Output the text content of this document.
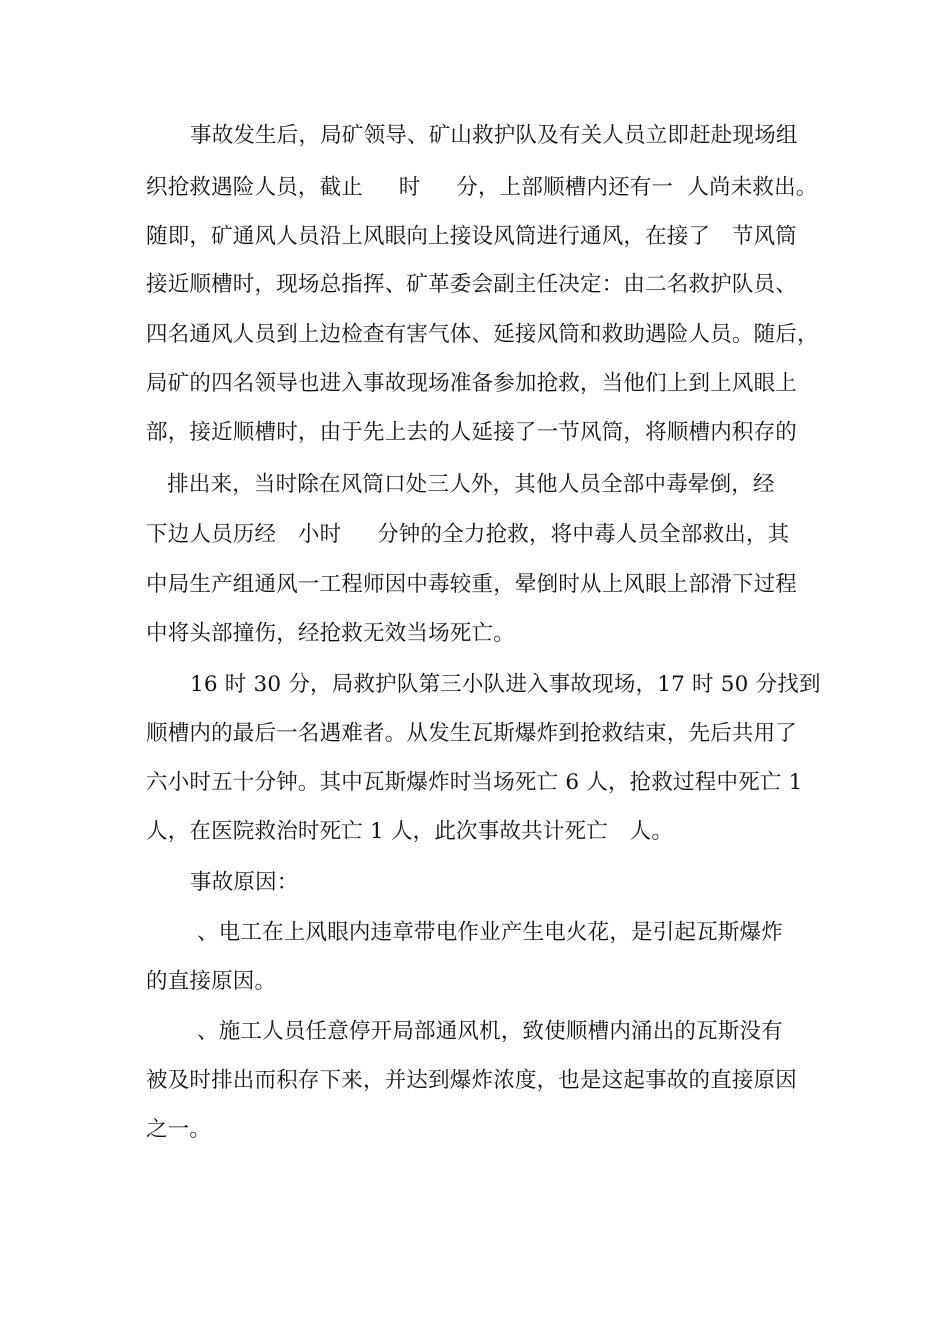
事故发生后，局矿领导、矿山救护队及有关人员立即赶赴现场组
织抢救遇险人员，截止　  时　  分，上部顺槽内还有一  人尚未救出。
随即，矿通风人员沿上风眼向上接设风筒进行通风，在接了　节风筒
接近顺槽时，现场总指挥、矿革委会副主任决定：由二名救护队员、
四名通风人员到上边检查有害气体、延接风筒和救助遇险人员。随后，
局矿的四名领导也进入事故现场准备参加抢救，当他们上到上风眼上
部，接近顺槽时，由于先上去的人延接了一节风筒，将顺槽内积存的
排出来，当时除在风筒口处三人外，其他人员全部中毒晕倒，经
下边人员历经　小时　  分钟的全力抢救，将中毒人员全部救出，其
中局生产组通风一工程师因中毒较重，晕倒时从上风眼上部滑下过程
中将头部撞伤，经抢救无效当场死亡。
16 时 30 分，局救护队第三小队进入事故现场，17 时 50 分找到
顺槽内的最后一名遇难者。从发生瓦斯爆炸到抢救结束，先后共用了
六小时五十分钟。其中瓦斯爆炸时当场死亡 6 人，抢救过程中死亡 1
人，在医院救治时死亡 1 人，此次事故共计死亡　人。
事故原因：
、电工在上风眼内违章带电作业产生电火花，是引起瓦斯爆炸
的直接原因。
、施工人员任意停开局部通风机，致使顺槽内涌出的瓦斯没有
被及时排出而积存下来，并达到爆炸浓度，也是这起事故的直接原因
之一。
